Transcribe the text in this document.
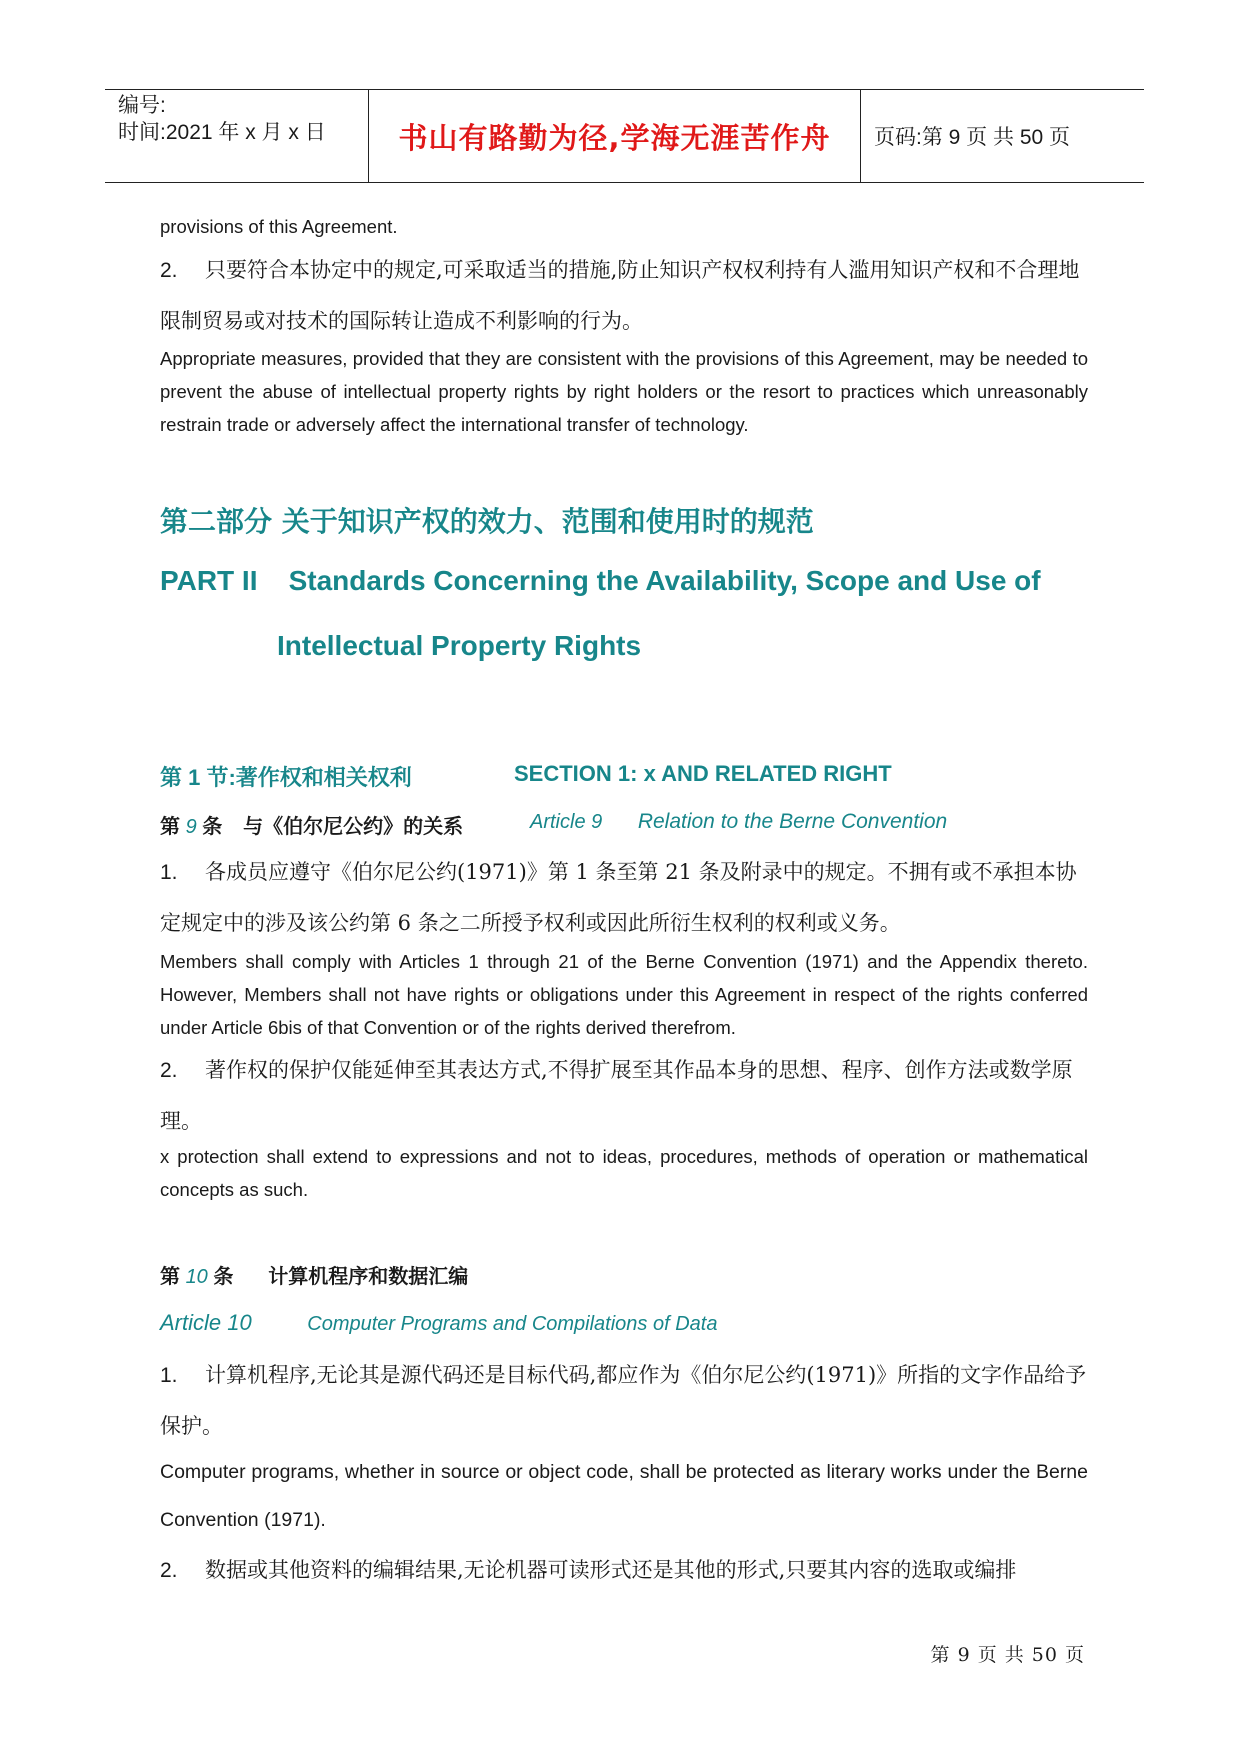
编号:
时间:2021 年 x 月 x 日	书山有路勤为径,学海无涯苦作舟	页码:第 9 页 共 50 页

provisions of this Agreement.

2. 只要符合本协定中的规定,可采取适当的措施,防止知识产权权利持有人滥用知识产权和不合理地限制贸易或对技术的国际转让造成不利影响的行为。

Appropriate measures, provided that they are consistent with the provisions of this Agreement, may be needed to prevent the abuse of intellectual property rights by right holders or the resort to practices which unreasonably restrain trade or adversely affect the international transfer of technology.

第二部分 关于知识产权的效力、范围和使用时的规范
PART II    Standards Concerning the Availability, Scope and Use of
Intellectual Property Rights
第 1 节:著作权和相关权利	SECTION 1: x AND RELATED RIGHT
第 9 条   与《伯尔尼公约》的关系	Article 9 Relation to the Berne Convention

1. 各成员应遵守《伯尔尼公约(1971)》第 1 条至第 21 条及附录中的规定。不拥有或不承担本协定规定中的涉及该公约第 6 条之二所授予权利或因此所衍生权利的权利或义务。

Members shall comply with Articles 1 through 21 of the Berne Convention (1971) and the Appendix thereto. However, Members shall not have rights or obligations under this Agreement in respect of the rights conferred under Article 6bis of that Convention or of the rights derived therefrom.

2. 著作权的保护仅能延伸至其表达方式,不得扩展至其作品本身的思想、程序、创作方法或数学原理。

x protection shall extend to expressions and not to ideas, procedures, methods of operation or mathematical concepts as such.

第 10 条     计算机程序和数据汇编
Article 10	Computer Programs and Compilations of Data

1. 计算机程序,无论其是源代码还是目标代码,都应作为《伯尔尼公约(1971)》所指的文字作品给予保护。

Computer programs, whether in source or object code, shall be protected as literary works under the Berne Convention (1971).

2. 数据或其他资料的编辑结果,无论机器可读形式还是其他的形式,只要其内容的选取或编排

第 9 页 共 50 页
